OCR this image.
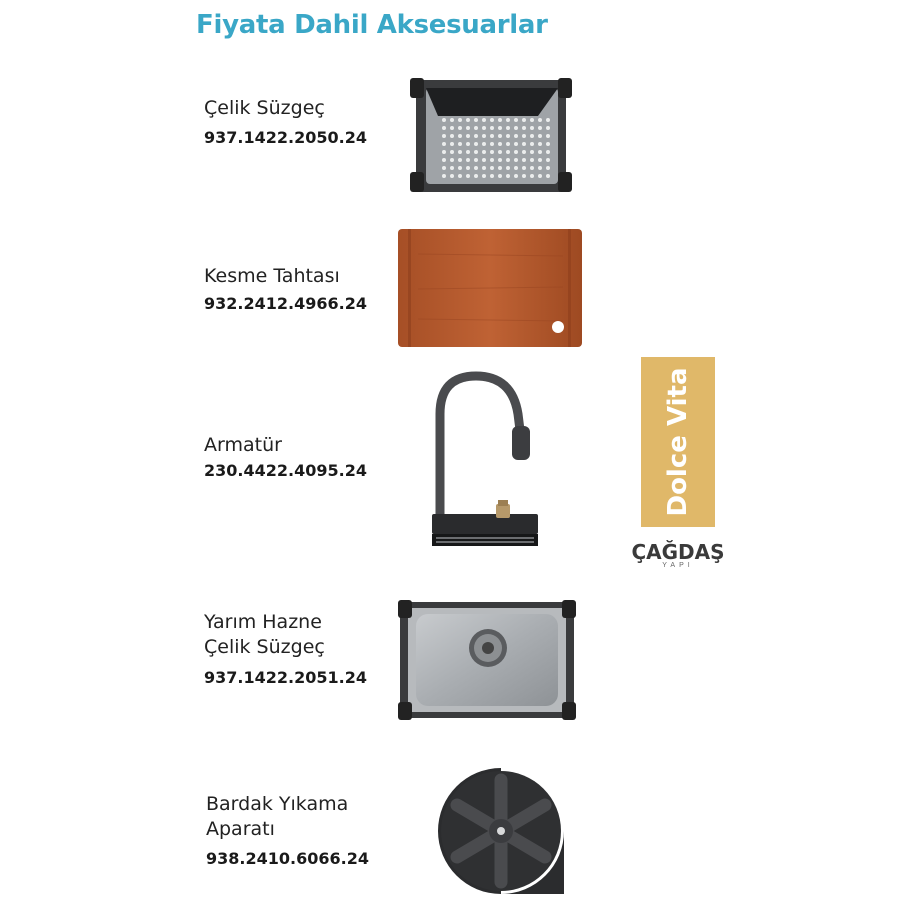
Fiyata Dahil Aksesuarlar
Çelik Süzgeç
937.1422.2050.24
Kesme Tahtası
932.2412.4966.24
Armatür
230.4422.4095.24
Yarım Hazne
Çelik Süzgeç
937.1422.2051.24
Bardak Yıkama
Aparatı
938.2410.6066.24
Dolce Vita
ÇAĞDAŞ
YAPI
